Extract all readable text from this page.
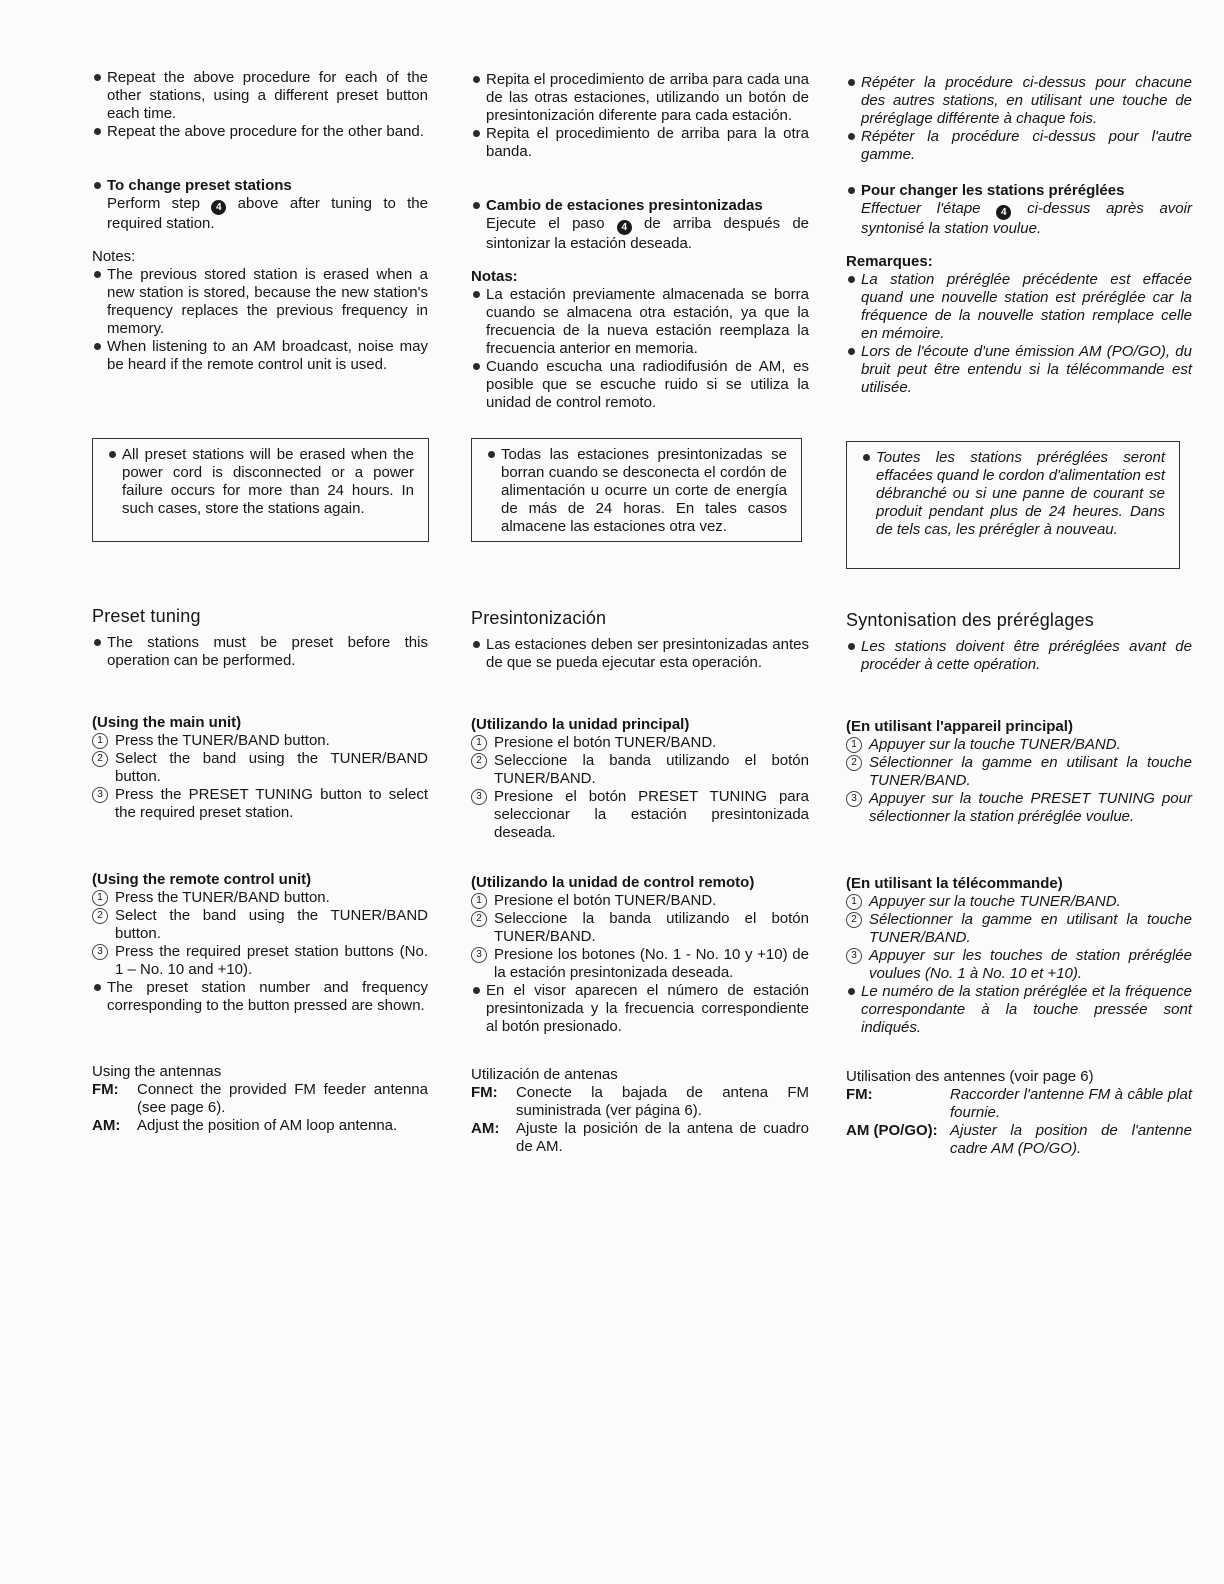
Repeat the above procedure for each of the other stations, using a different preset button each time.
Repeat the above procedure for the other band.
To change preset stations
Perform step 4 above after tuning to the required station.
Notes:
The previous stored station is erased when a new station is stored, because the new station's frequency replaces the previous frequency in memory.
When listening to an AM broadcast, noise may be heard if the remote control unit is used.
All preset stations will be erased when the power cord is disconnected or a power failure occurs for more than 24 hours. In such cases, store the stations again.
Preset tuning
The stations must be preset before this operation can be performed.
(Using the main unit)
1 Press the TUNER/BAND button.
2 Select the band using the TUNER/BAND button.
3 Press the PRESET TUNING button to select the required preset station.
(Using the remote control unit)
1 Press the TUNER/BAND button.
2 Select the band using the TUNER/BAND button.
3 Press the required preset station buttons (No. 1 – No. 10 and +10).
The preset station number and frequency corresponding to the button pressed are shown.
Using the antennas
FM:	Connect the provided FM feeder antenna (see page 6).
AM:	Adjust the position of AM loop antenna.
Repita el procedimiento de arriba para cada una de las otras estaciones, utilizando un botón de presintonización diferente para cada estación.
Repita el procedimiento de arriba para la otra banda.
Cambio de estaciones presintonizadas
Ejecute el paso 4 de arriba después de sintonizar la estación deseada.
Notas:
La estación previamente almacenada se borra cuando se almacena otra estación, ya que la frecuencia de la nueva estación reemplaza la frecuencia anterior en memoria.
Cuando escucha una radiodifusión de AM, es posible que se escuche ruido si se utiliza la unidad de control remoto.
Todas las estaciones presintonizadas se borran cuando se desconecta el cordón de alimentación u ocurre un corte de energía de más de 24 horas. En tales casos almacene las estaciones otra vez.
Presintonización
Las estaciones deben ser presintonizadas antes de que se pueda ejecutar esta operación.
(Utilizando la unidad principal)
1 Presione el botón TUNER/BAND.
2 Seleccione la banda utilizando el botón TUNER/BAND.
3 Presione el botón PRESET TUNING para seleccionar la estación presintonizada deseada.
(Utilizando la unidad de control remoto)
1 Presione el botón TUNER/BAND.
2 Seleccione la banda utilizando el botón TUNER/BAND.
3 Presione los botones (No. 1 - No. 10 y +10) de la estación presintonizada deseada.
En el visor aparecen el número de estación presintonizada y la frecuencia correspondiente al botón presionado.
Utilización de antenas
FM:	Conecte la bajada de antena FM suministrada (ver página 6).
AM:	Ajuste la posición de la antena de cuadro de AM.
Répéter la procédure ci-dessus pour chacune des autres stations, en utilisant une touche de préréglage différente à chaque fois.
Répéter la procédure ci-dessus pour l'autre gamme.
Pour changer les stations préréglées
Effectuer l'étape 4 ci-dessus après avoir syntonisé la station voulue.
Remarques:
La station préréglée précédente est effacée quand une nouvelle station est préréglée car la fréquence de la nouvelle station remplace celle en mémoire.
Lors de l'écoute d'une émission AM (PO/GO), du bruit peut être entendu si la télécommande est utilisée.
Toutes les stations préréglées seront effacées quand le cordon d'alimentation est débranché ou si une panne de courant se produit pendant plus de 24 heures. Dans de tels cas, les prérégler à nouveau.
Syntonisation des préréglages
Les stations doivent être préréglées avant de procéder à cette opération.
(En utilisant l'appareil principal)
1 Appuyer sur la touche TUNER/BAND.
2 Sélectionner la gamme en utilisant la touche TUNER/BAND.
3 Appuyer sur la touche PRESET TUNING pour sélectionner la station préréglée voulue.
(En utilisant la télécommande)
1 Appuyer sur la touche TUNER/BAND.
2 Sélectionner la gamme en utilisant la touche TUNER/BAND.
3 Appuyer sur les touches de station préréglée voulues (No. 1 à No. 10 et +10).
Le numéro de la station préréglée et la fréquence correspondante à la touche pressée sont indiqués.
Utilisation des antennes (voir page 6)
FM:	Raccorder l'antenne FM à câble plat fournie.
AM (PO/GO): Ajuster la position de l'antenne cadre AM (PO/GO).
